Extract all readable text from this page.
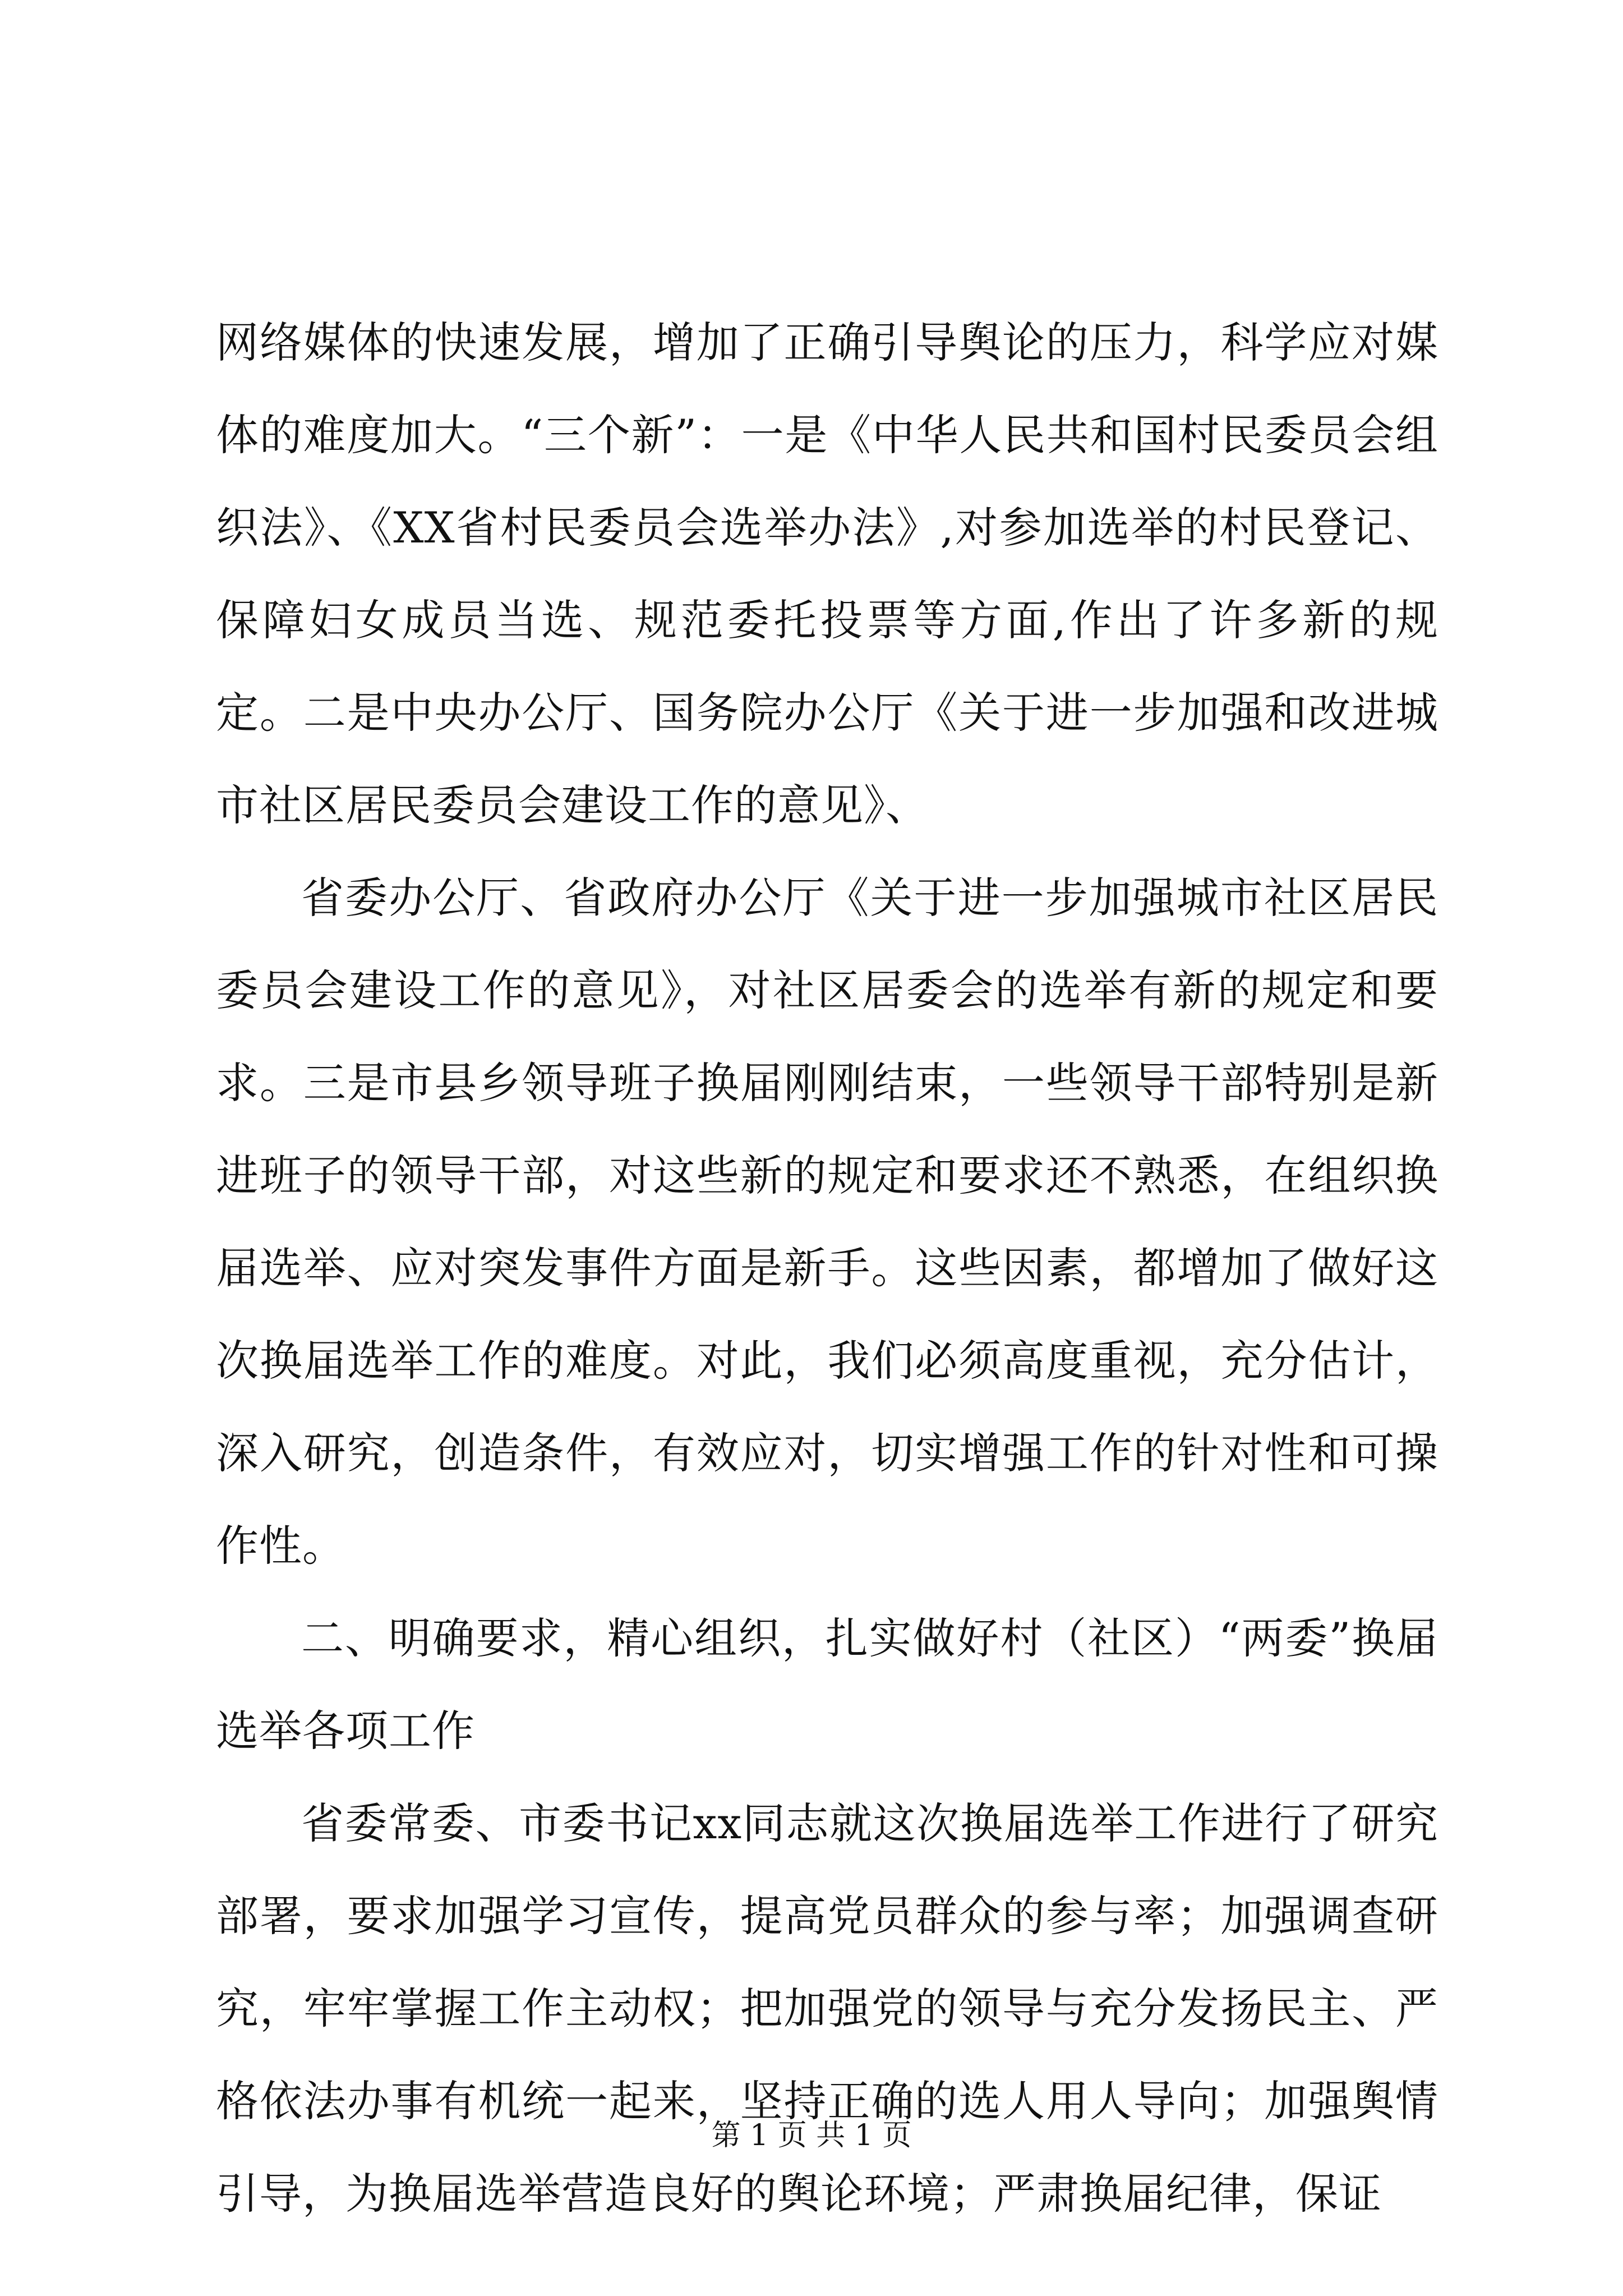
网络媒体的快速发展，增加了正确引导舆论的压力，科学应对媒体的难度加大。“三个新”：一是《中华人民共和国村民委员会组织法》、《XX省村民委员会选举办法》,对参加选举的村民登记、保障妇女成员当选、规范委托投票等方面,作出了许多新的规定。二是中央办公厅、国务院办公厅《关于进一步加强和改进城市社区居民委员会建设工作的意见》、

省委办公厅、省政府办公厅《关于进一步加强城市社区居民委员会建设工作的意见》，对社区居委会的选举有新的规定和要求。三是市县乡领导班子换届刚刚结束，一些领导干部特别是新进班子的领导干部，对这些新的规定和要求还不熟悉，在组织换届选举、应对突发事件方面是新手。这些因素，都增加了做好这次换届选举工作的难度。对此，我们必须高度重视，充分估计，深入研究，创造条件，有效应对，切实增强工作的针对性和可操作性。

二、明确要求，精心组织，扎实做好村（社区）“两委”换届选举各项工作

省委常委、市委书记xx同志就这次换届选举工作进行了研究部署，要求加强学习宣传，提高党员群众的参与率；加强调查研究，牢牢掌握工作主动权；把加强党的领导与充分发扬民主、严格依法办事有机统一起来，坚持正确的选人用人导向；加强舆情引导，为换届选举营造良好的舆论环境；严肃换届纪律，保证

第 1 页 共 1 页
